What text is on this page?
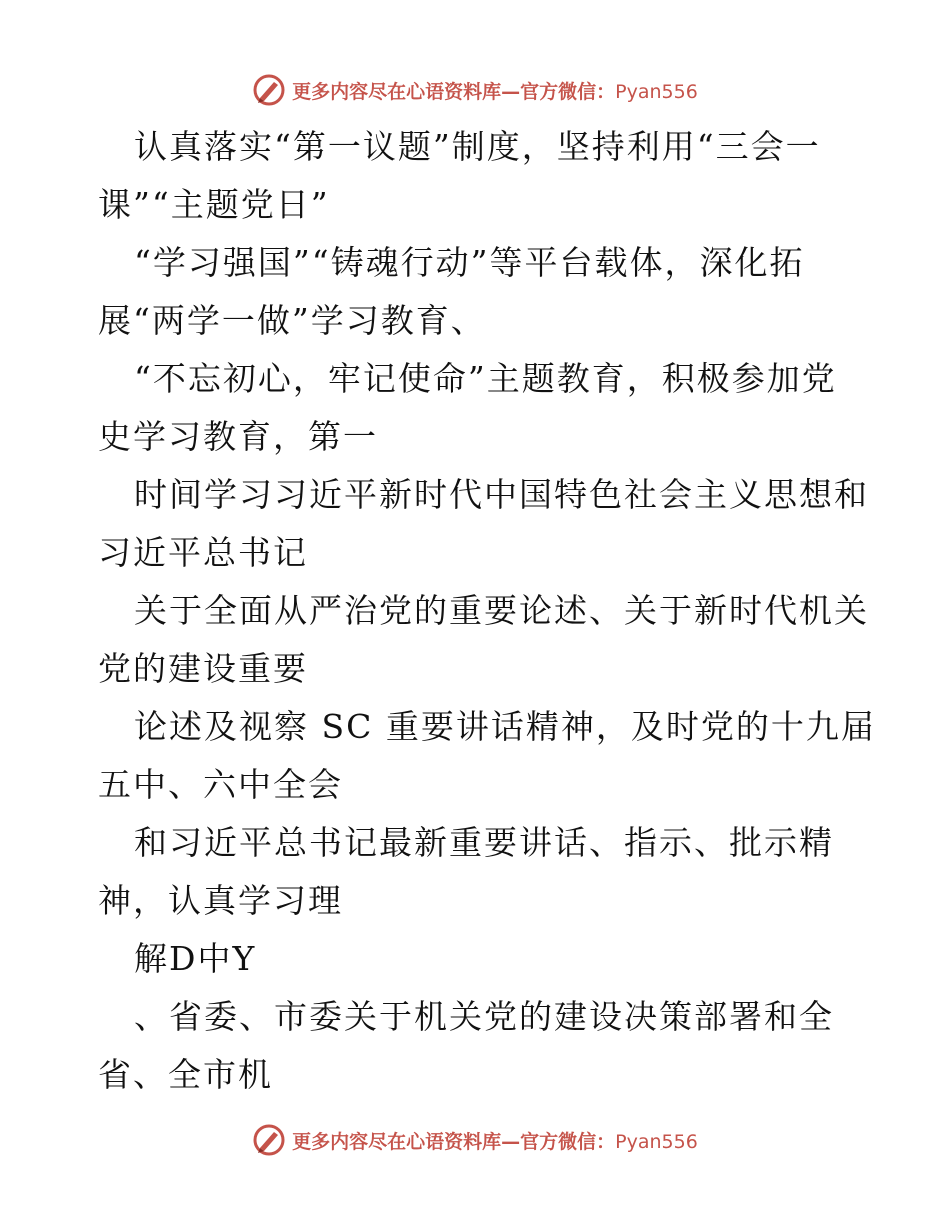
更多内容尽在心语资料库—官方微信：Pyan556
认真落实“第一议题”制度，坚持利用“三会一
课”“主题党日”
“学习强国”“铸魂行动”等平台载体，深化拓
展“两学一做”学习教育、
“不忘初心，牢记使命”主题教育，积极参加党
史学习教育，第一
时间学习习近平新时代中国特色社会主义思想和
习近平总书记
关于全面从严治党的重要论述、关于新时代机关
党的建设重要
论述及视察 SC 重要讲话精神，及时党的十九届
五中、六中全会
和习近平总书记最新重要讲话、指示、批示精
神，认真学习理
解D中Y
、省委、市委关于机关党的建设决策部署和全
省、全市机
更多内容尽在心语资料库—官方微信：Pyan556
